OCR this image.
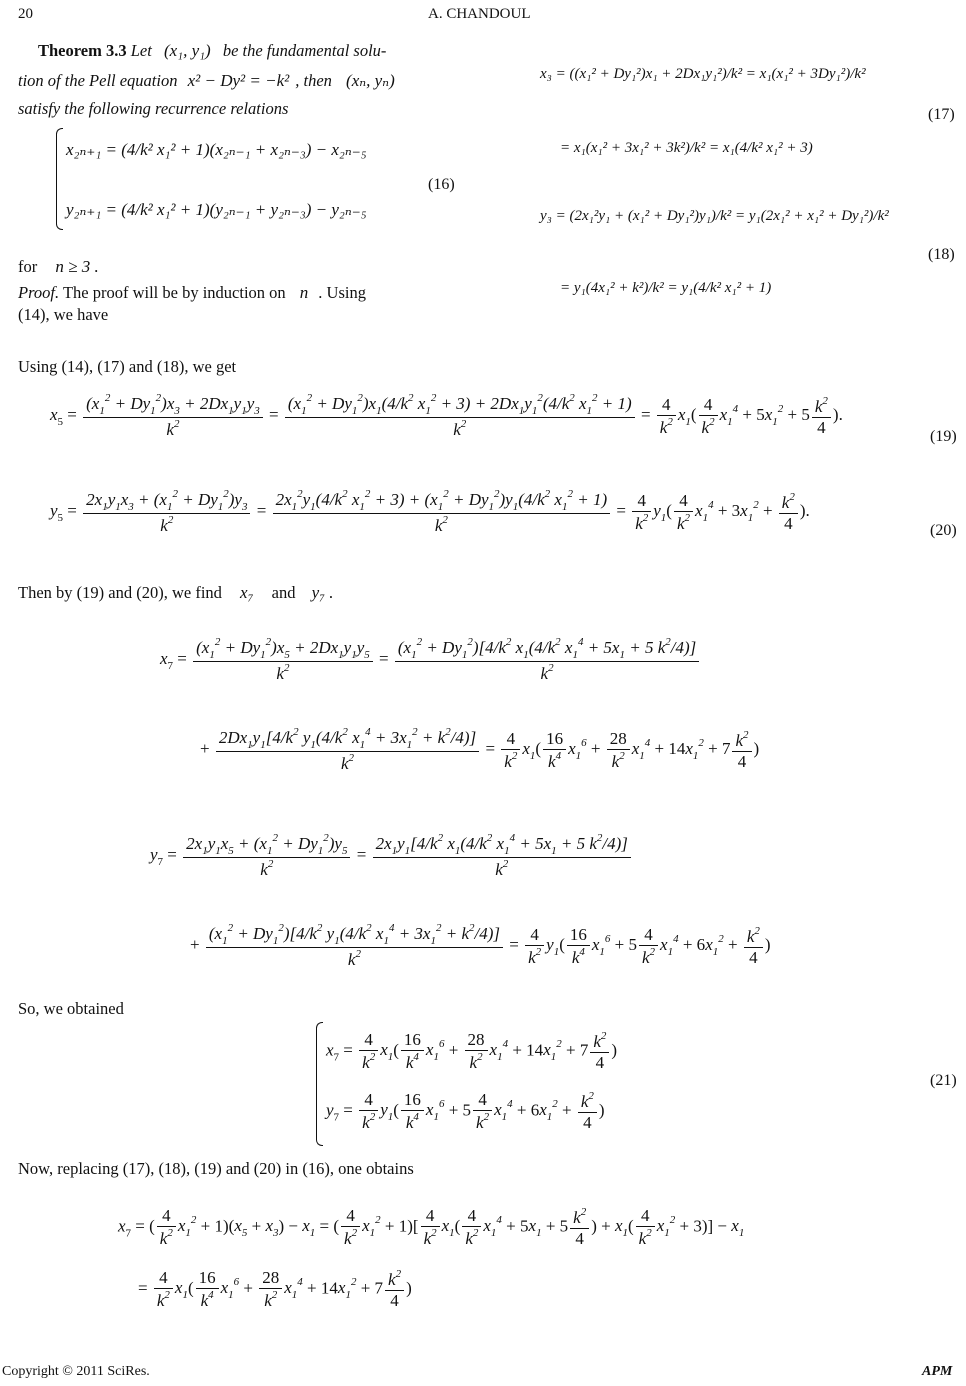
20	A. CHANDOUL
Theorem 3.3 Let (x₁, y₁) be the fundamental solu-
tion of the Pell equation x² − Dy² = −k² , then (xₙ, yₙ)
satisfy the following recurrence relations
x₂ₙ₊₁ = (4/k² x₁² + 1)(x₂ₙ₋₁ + x₂ₙ₋₃) − x₂ₙ₋₅
y₂ₙ₊₁ = (4/k² x₁² + 1)(y₂ₙ₋₁ + y₂ₙ₋₃) − y₂ₙ₋₅
(16)
for n ≥ 3 .
Proof. The proof will be by induction on n . Using
(14), we have
x₃ = ((x₁² + Dy₁²)x₁ + 2Dx₁y₁²)/k² = x₁(x₁² + 3Dy₁²)/k²
= x₁(x₁² + 3x₁² + 3k²)/k² = x₁(4/k² x₁² + 3)
(17)
y₃ = (2x₁²y₁ + (x₁² + Dy₁²)y₁)/k² = y₁(2x₁² + x₁² + Dy₁²)/k²
= y₁(4x₁² + k²)/k² = y₁(4/k² x₁² + 1)
(18)
Using (14), (17) and (18), we get
$x_5 = \frac{(x_1^2 + Dy_1^2)x_3 + 2Dx_1y_1y_3}{k^2} = \frac{(x_1^2 + Dy_1^2)x_1(4/k^2 x_1^2 + 3) + 2Dx_1y_1^2(4/k^2 x_1^2 + 1)}{k^2} = \frac{4}{k^2} x_1( \frac{4}{k^2} x_1^4 + 5x_1^2 + 5 \frac{k^2}{4}$ ).
(19)
$y_5 = \frac{2x_1y_1x_3 + (x_1^2 + Dy_1^2)y_3}{k^2} = \frac{2x_1^2y_1(4/k^2 x_1^2 + 3) + (x_1^2 + Dy_1^2)y_1(4/k^2 x_1^2 + 1)}{k^2} = \frac{4}{k^2} y_1( \frac{4}{k^2} x_1^4 + 3x_1^2 + \frac{k^2}{4}$ ).
(20)
Then by (19) and (20), we find x₇ and y₇ .
$x_7 = \frac{(x_1^2 + Dy_1^2)x_5 + 2Dx_1y_1y_5}{k^2} = \frac{(x_1^2 + Dy_1^2)[4/k^2 x_1(4/k^2 x_1^4 + 5x_1 + 5 k^2/4)]}{k^2}$
+ $\frac{2Dx_1y_1[4/k^2 y_1(4/k^2 x_1^4 + 3x_1^2 + k^2/4)]}{k^2} = \frac{4}{k^2} x_1( \frac{16}{k^4} x_1^6 + \frac{28}{k^2} x_1^4 + 14x_1^2 + 7 \frac{k^2}{4}$ )
$y_7 = \frac{2x_1y_1x_5 + (x_1^2 + Dy_1^2)y_5}{k^2} = \frac{2x_1y_1[4/k^2 x_1(4/k^2 x_1^4 + 5x_1 + 5 k^2/4)]}{k^2}$
+ $\frac{(x_1^2 + Dy_1^2)[4/k^2 y_1(4/k^2 x_1^4 + 3x_1^2 + k^2/4)]}{k^2} = \frac{4}{k^2} y_1( \frac{16}{k^4} x_1^6 + 5 \frac{4}{k^2} x_1^4 + 6x_1^2 + \frac{k^2}{4}$ )
So, we obtained
$x_7 = \frac{4}{k^2} x_1( \frac{16}{k^4} x_1^6 + \frac{28}{k^2} x_1^4 + 14x_1^2 + 7 \frac{k^2}{4}$ )
$y_7 = \frac{4}{k^2} y_1( \frac{16}{k^4} x_1^6 + 5 \frac{4}{k^2} x_1^4 + 6x_1^2 + \frac{k^2}{4}$ )
(21)
Now, replacing (17), (18), (19) and (20) in (16), one obtains
$x_7$ = ( $\frac{4}{k^2} x_1^2 + 1)(x_5 + x_3) - x_1$ = ( $\frac{4}{k^2} x_1^2 + 1)[ \frac{4}{k^2} x_1( \frac{4}{k^2} x_1^4 + 5x_1 + 5 \frac{k^2}{4}$ ) + $x_1( \frac{4}{k^2} x_1^2 + 3)] - x_1$
= $\frac{4}{k^2} x_1( \frac{16}{k^4} x_1^6 + \frac{28}{k^2} x_1^4 + 14x_1^2 + 7 \frac{k^2}{4}$ )
Copyright © 2011 SciRes.	APM
